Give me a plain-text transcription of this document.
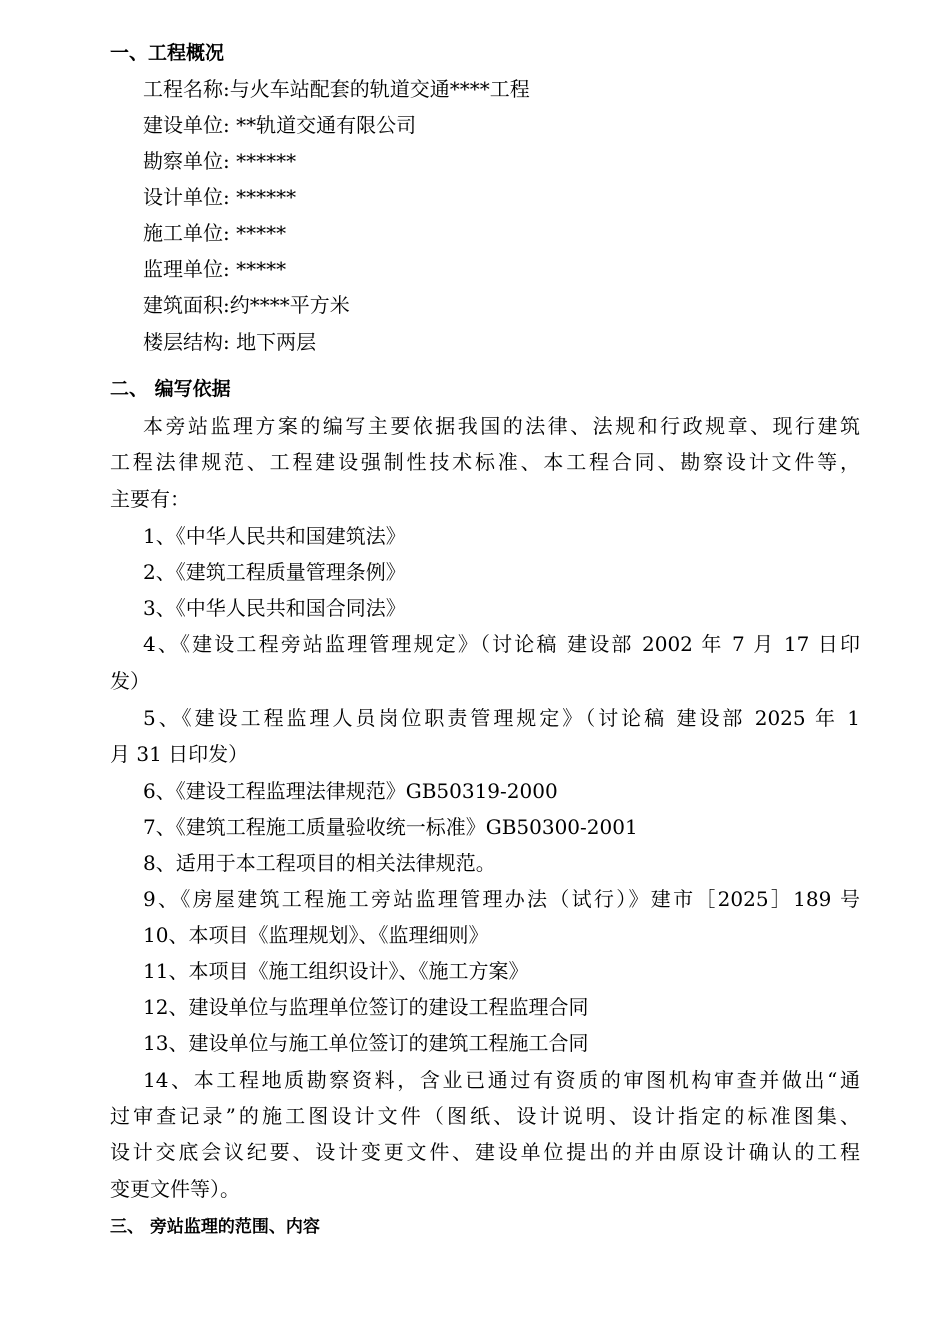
一、工程概况
工程名称:与火车站配套的轨道交通****工程
建设单位: **轨道交通有限公司
勘察单位: ******
设计单位: ******
施工单位: *****
监理单位: *****
建筑面积:约****平方米
楼层结构: 地下两层
二、 编写依据
本旁站监理方案的编写主要依据我国的法律、法规和行政规章、现行建筑
工程法律规范、工程建设强制性技术标准、本工程合同、勘察设计文件等，
主要有：
1、《中华人民共和国建筑法》
2、《建筑工程质量管理条例》
3、《中华人民共和国合同法》
4、《建设工程旁站监理管理规定》（讨论稿 建设部 2002 年 7 月 17 日印
发）
5、《建设工程监理人员岗位职责管理规定》（讨论稿 建设部 2025 年 1
月 31 日印发）
6、《建设工程监理法律规范》GB50319-2000
7、《建筑工程施工质量验收统一标准》GB50300-2001
8、适用于本工程项目的相关法律规范。
9、《房屋建筑工程施工旁站监理管理办法（试行）》建市［2025］189 号
10、本项目《监理规划》、《监理细则》
11、本项目《施工组织设计》、《施工方案》
12、建设单位与监理单位签订的建设工程监理合同
13、建设单位与施工单位签订的建筑工程施工合同
14、本工程地质勘察资料，含业已通过有资质的审图机构审查并做出“通
过审查记录”的施工图设计文件（图纸、设计说明、设计指定的标准图集、
设计交底会议纪要、设计变更文件、建设单位提出的并由原设计确认的工程
变更文件等）。
三、 旁站监理的范围、内容
